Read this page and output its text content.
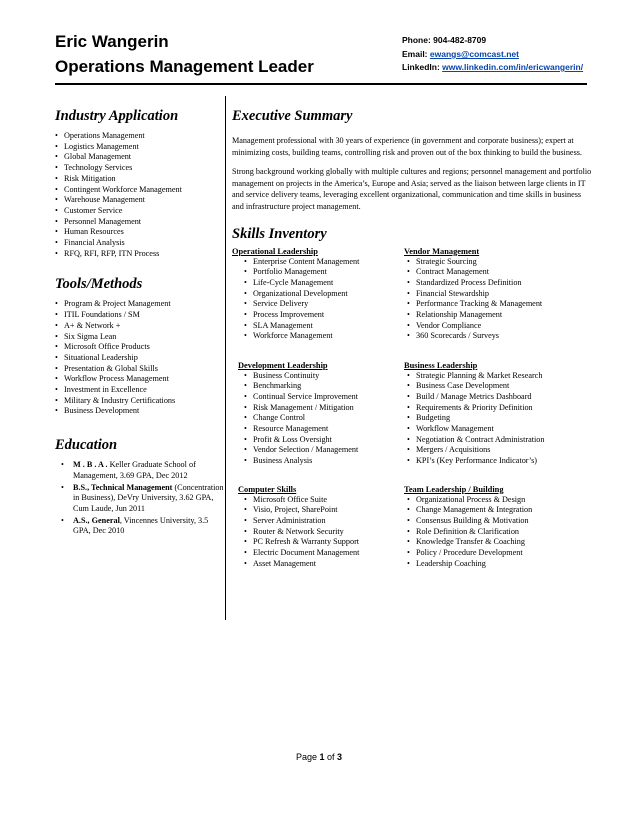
Eric Wangerin
Operations Management Leader
Phone: 904-482-8709
Email: ewangs@comcast.net
LinkedIn: www.linkedin.com/in/ericwangerin/
Industry Application
• Operations Management
• Logistics Management
• Global Management
• Technology Services
• Risk Mitigation
• Contingent Workforce Management
• Warehouse Management
• Customer Service
• Personnel Management
• Human Resources
• Financial Analysis
• RFQ, RFI, RFP, ITN Process
Tools/Methods
• Program & Project Management
• ITIL Foundations / SM
• A+ & Network +
• Six Sigma Lean
• Microsoft Office Products
• Situational Leadership
• Presentation & Global Skills
• Workflow Process Management
• Investment in Excellence
• Military & Industry Certifications
• Business Development
Education
• M . B . A . Keller Graduate School of Management, 3.69 GPA, Dec 2012
• B.S., Technical Management (Concentration in Business), DeVry University, 3.62 GPA, Cum Laude, Jun 2011
• A.S., General, Vincennes University, 3.5 GPA, Dec 2010
Executive Summary

Management professional with 30 years of experience (in government and corporate business); expert at minimizing costs, building teams, controlling risk and proven out of the box thinking to build the business.

Strong background working globally with multiple cultures and regions; personnel management and portfolio management on projects in the America’s, Europe and Asia; served as the liaison between large clients in IT and service delivery teams, leveraging excellent organizational, communication and time skills in business and infrastructure project management.

Skills Inventory
Operational Leadership
• Enterprise Content Management
• Portfolio Management
• Life-Cycle Management
• Organizational Development
• Service Delivery
• Process Improvement
• SLA Management
• Workforce Management
Vendor Management
• Strategic Sourcing
• Contract Management
• Standardized Process Definition
• Financial Stewardship
• Performance Tracking & Management
• Relationship Management
• Vendor Compliance
• 360 Scorecards / Surveys
Development Leadership
• Business Continuity
• Benchmarking
• Continual Service Improvement
• Risk Management / Mitigation
• Change Control
• Resource Management
• Profit & Loss Oversight
• Vendor Selection / Management
• Business Analysis
Business Leadership
• Strategic Planning & Market Research
• Business Case Development
• Build / Manage Metrics Dashboard
• Requirements & Priority Definition
• Budgeting
• Workflow Management
• Negotiation & Contract Administration
• Mergers / Acquisitions
• KPI’s (Key Performance Indicator’s)
Computer Skills
• Microsoft Office Suite
• Visio, Project, SharePoint
• Server Administration
• Router & Network Security
• PC Refresh & Warranty Support
• Electric Document Management
• Asset Management
Team Leadership / Building
• Organizational Process & Design
• Change Management & Integration
• Consensus Building & Motivation
• Role Definition & Clarification
• Knowledge Transfer & Coaching
• Policy / Procedure Development
• Leadership Coaching
Page 1 of 3
